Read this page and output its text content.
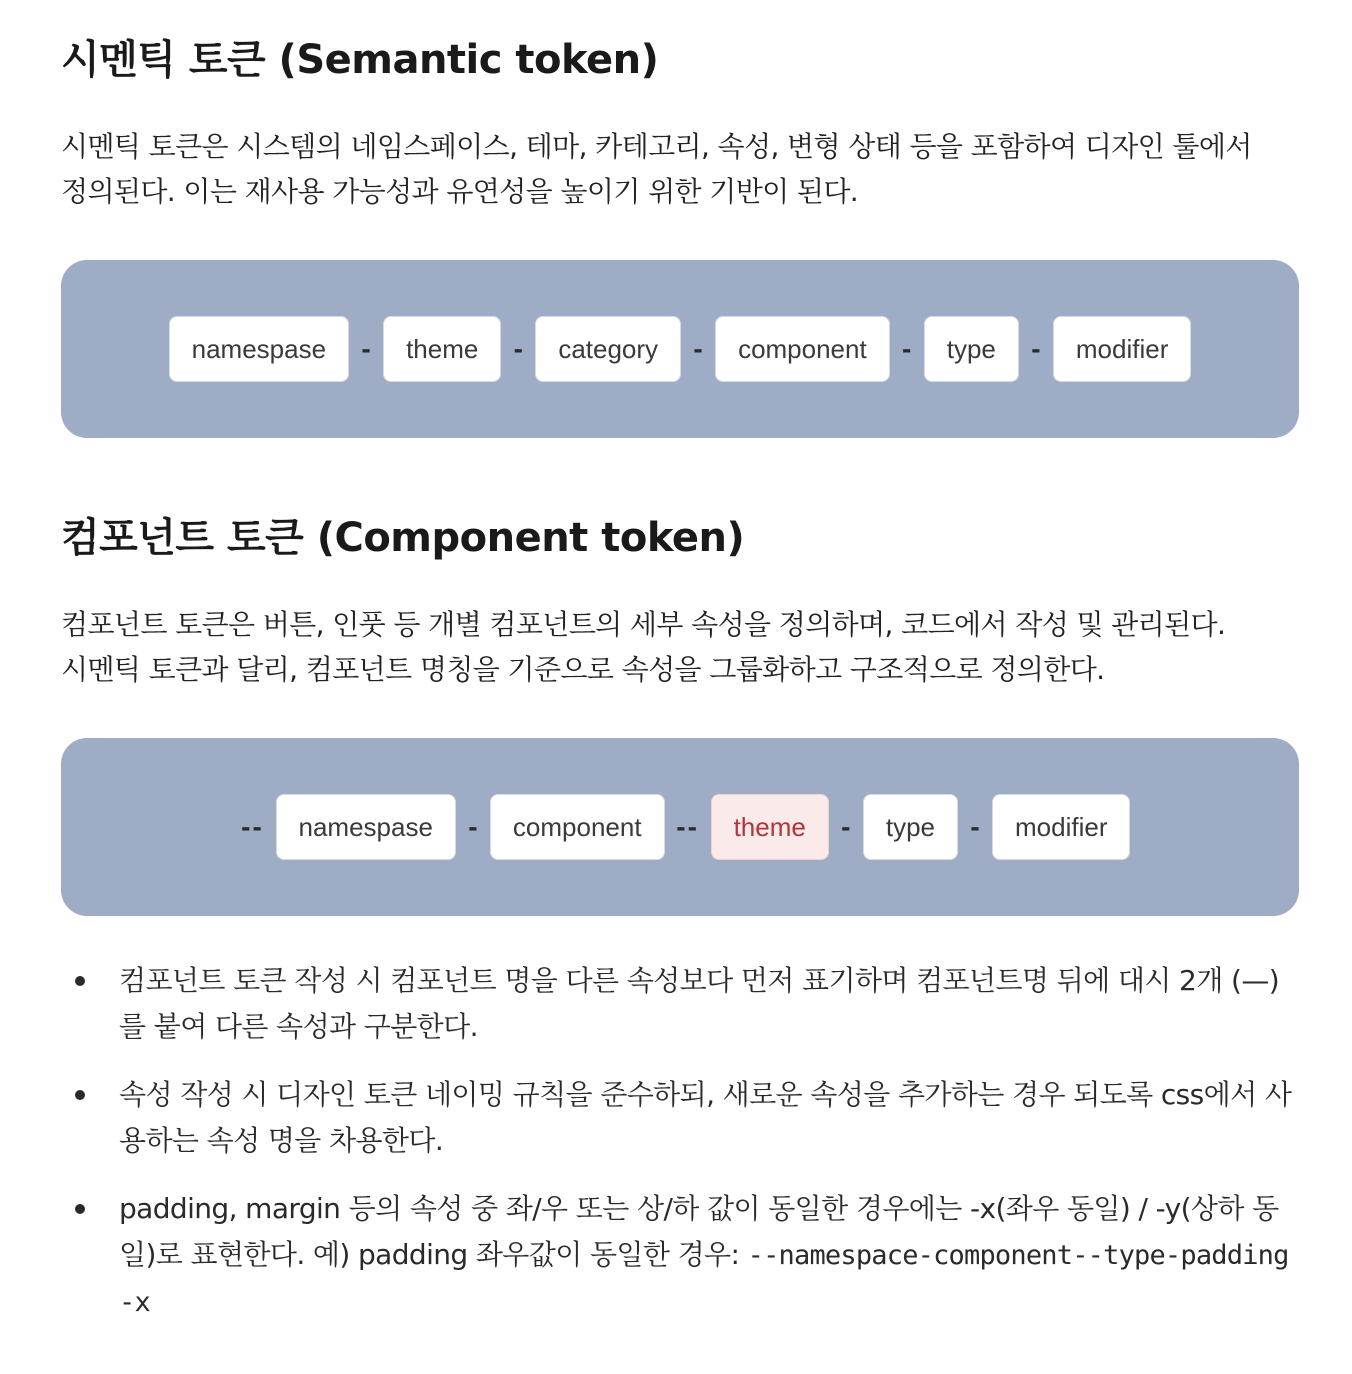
시멘틱 토큰 (Semantic token)

시멘틱 토큰은 시스템의 네임스페이스, 테마, 카테고리, 속성, 변형 상태 등을 포함하여 디자인 툴에서 정의된다. 이는 재사용 가능성과 유연성을 높이기 위한 기반이 된다.

namespase	-	theme	-	category	-	component	-	type	-	modifier
컴포넌트 토큰 (Component token)

컴포넌트 토큰은 버튼, 인풋 등 개별 컴포넌트의 세부 속성을 정의하며, 코드에서 작성 및 관리된다.

시멘틱 토큰과 달리, 컴포넌트 명칭을 기준으로 속성을 그룹화하고 구조적으로 정의한다.

--	namespase	-	component	--	theme	-	type	-	modifier
컴포넌트 토큰 작성 시 컴포넌트 명을 다른 속성보다 먼저 표기하며 컴포넌트명 뒤에 대시 2개 (—)를 붙여 다른 속성과 구분한다.
속성 작성 시 디자인 토큰 네이밍 규칙을 준수하되, 새로운 속성을 추가하는 경우 되도록 css에서 사용하는 속성 명을 차용한다.
padding, margin 등의 속성 중 좌/우 또는 상/하 값이 동일한 경우에는 -x(좌우 동일) / -y(상하 동일)로 표현한다. 예) padding 좌우값이 동일한 경우: --namespace-component--type-padding-x
